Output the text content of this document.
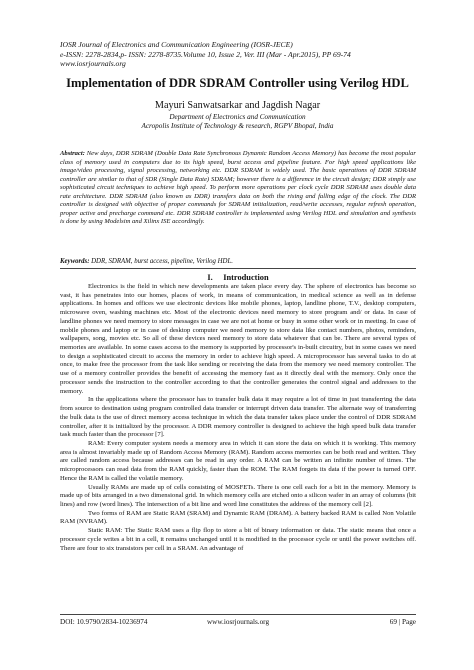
IOSR Journal of Electronics and Communication Engineering (IOSR-JECE)
e-ISSN: 2278-2834,p- ISSN: 2278-8735.Volume 10, Issue 2, Ver. III (Mar - Apr.2015), PP 69-74
www.iosrjournals.org
Implementation of DDR SDRAM Controller using Verilog HDL
Mayuri Sanwatsarkar and Jagdish Nagar
Department of Electronics and Communication
Acropolis Institute of Technology & research, RGPV Bhopal, India
Abstract: New days, DDR SDRAM (Double Data Rate Synchronous Dynamic Random Access Memory) has become the most popular class of memory used in computers due to its high speed, burst access and pipeline feature. For high speed applications like image/video processing, signal processing, networking etc. DDR SDRAM is widely used. The basic operations of DDR SDRAM controller are similar to that of SDR (Single Data Rate) SDRAM; however there is a difference in the circuit design; DDR simply use sophisticated circuit techniques to achieve high speed. To perform more operations per clock cycle DDR SDRAM uses double data rate architecture. DDR SDRAM (also known as DDR) transfers data on both the rising and falling edge of the clock. The DDR controller is designed with objective of proper commands for SDRAM initialization, read/write accesses, regular refresh operation, proper active and precharge command etc. DDR SDRAM controller is implemented using Verilog HDL and simulation and synthesis is done by using Modelsim and Xilinx ISE accordingly.
Keywords: DDR, SDRAM, burst access, pipeline, Verilog HDL.
I. Introduction

Electronics is the field in which new developments are taken place every day. The sphere of electronics has become so vast, it has penetrates into our homes, places of work, in means of communication, in medical science as well as in defense applications. In homes and offices we use electronic devices like mobile phones, laptop, landline phone, T.V., desktop computers, microwave oven, washing machines etc. Most of the electronic devices need memory to store program and/ or data. In case of landline phones we need memory to store messages in case we are not at home or busy in some other work or in meeting. In case of mobile phones and laptop or in case of desktop computer we need memory to store data like contact numbers, photos, reminders, wallpapers, song, movies etc. So all of these devices need memory to store data whatever that can be. There are several types of memories are available. In some cases access to the memory is supported by processor's in-built circuitry, but in some cases we need to design a sophisticated circuit to access the memory in order to achieve high speed. A microprocessor has several tasks to do at once, to make free the processor from the task like sending or receiving the data from the memory we need memory controller. The use of a memory controller provides the benefit of accessing the memory fast as it directly deal with the memory. Only once the processor sends the instruction to the controller according to that the controller generates the control signal and addresses to the memory.

In the applications where the processor has to transfer bulk data it may require a lot of time in just transferring the data from source to destination using program controlled data transfer or interrupt driven data transfer. The alternate way of transferring the bulk data is the use of direct memory access technique in which the data transfer takes place under the control of DDR SDRAM controller, after it is initialized by the processor. A DDR memory controller is designed to achieve the high speed bulk data transfer task much faster than the processor [7].

RAM: Every computer system needs a memory area in which it can store the data on which it is working. This memory area is almost invariably made up of Random Access Memory (RAM). Random access memories can be both read and written. They are called random access because addresses can be read in any order. A RAM can be written an infinite number of times. The microprocessors can read data from the RAM quickly, faster than the ROM. The RAM forgets its data if the power is turned OFF. Hence the RAM is called the volatile memory.

Usually RAMs are made up of cells consisting of MOSFETs. There is one cell each for a bit in the memory. Memory is made up of bits arranged in a two dimensional grid. In which memory cells are etched onto a silicon wafer in an array of columns (bit lines) and row (word lines). The intersection of a bit line and word line constitutes the address of the memory cell [2].

Two forms of RAM are Static RAM (SRAM) and Dynamic RAM (DRAM). A battery backed RAM is called Non Volatile RAM (NVRAM).

Static RAM: The Static RAM uses a flip flop to store a bit of binary information or data. The static means that once a processor cycle writes a bit in a cell, it remains unchanged until it is modified in the processor cycle or until the power switches off. There are four to six transistors per cell in a SRAM. An advantage of

DOI: 10.9790/2834-10236974	www.iosrjournals.org	69 | Page
